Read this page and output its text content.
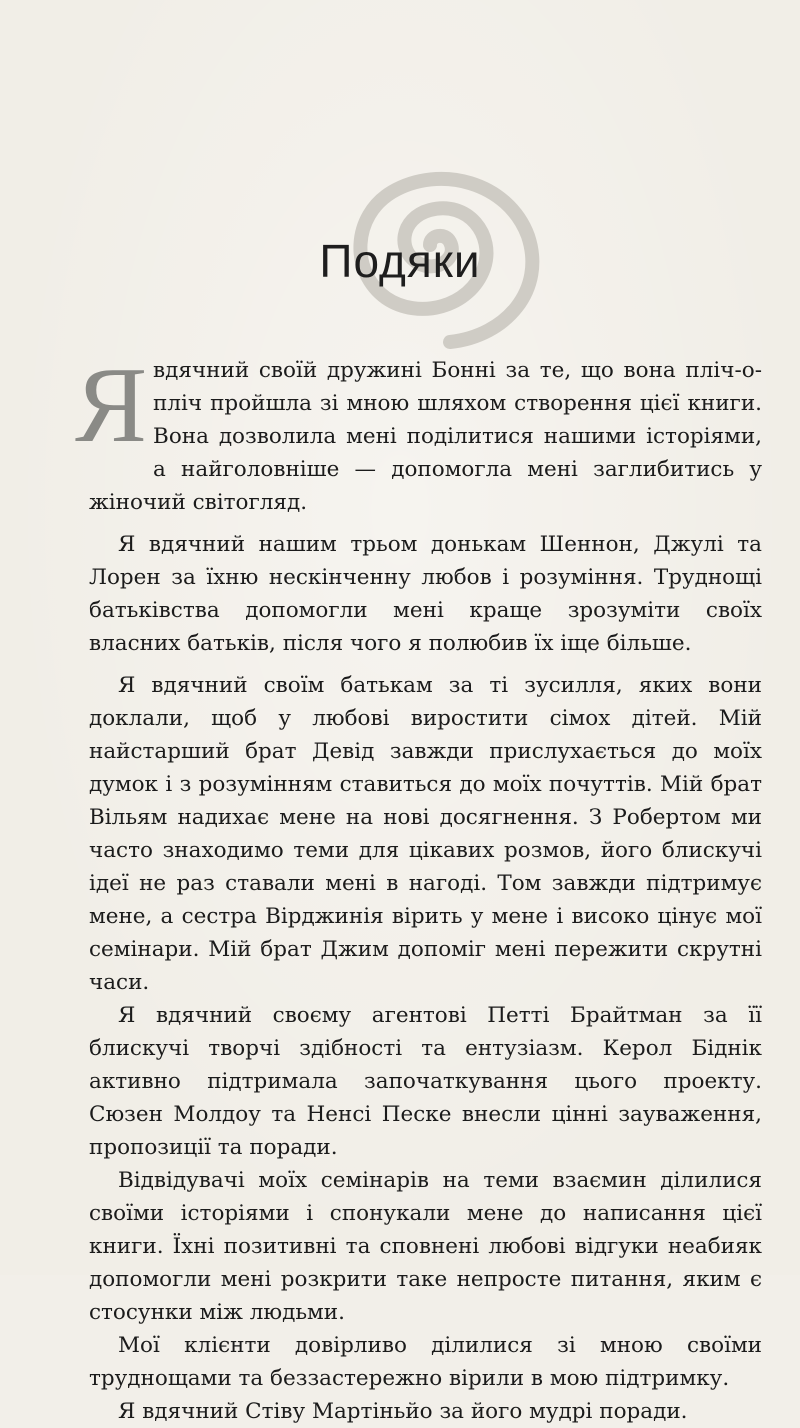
Подяки

Явдячний своїй дружині Бонні за те, що вона пліч-о-пліч пройшла зі мною шляхом створення цієї книги. Вона дозволила мені поділитися нашими історіями, а найголовніше — допомогла мені заглибитись у жіночий світогляд.

Я вдячний нашим трьом донькам Шеннон, Джулі та Лорен за їхню нескінченну любов і розуміння. Труднощі батьківства допомогли мені краще зрозуміти своїх власних батьків, після чого я полюбив їх іще більше.

Я вдячний своїм батькам за ті зусилля, яких вони доклали, щоб у любові виростити сімох дітей. Мій найстарший брат Девід завжди прислухається до моїх думок і з розумінням ставиться до моїх почуттів. Мій брат Вільям надихає мене на нові досягнення. З Робертом ми часто знаходимо теми для цікавих розмов, його блискучі ідеї не раз ставали мені в нагоді. Том завжди підтримує мене, а сестра Вірджинія вірить у мене і високо цінує мої семінари. Мій брат Джим допоміг мені пережити скрутні часи.

Я вдячний своєму агентові Петті Брайтман за її блискучі творчі здібності та ентузіазм. Керол Біднік активно підтримала започаткування цього проекту. Сюзен Молдоу та Ненсі Песке внесли цінні зауваження, пропозиції та поради.

Відвідувачі моїх семінарів на теми взаємин ділилися своїми історіями і спонукали мене до написання цієї книги. Їхні позитивні та сповнені любові відгуки неабияк допомогли мені розкрити таке непросте питання, яким є стосунки між людьми.

Мої клієнти довірливо ділилися зі мною своїми труднощами та беззастережно вірили в мою підтримку.

Я вдячний Стіву Мартіньйо за його мудрі поради.
